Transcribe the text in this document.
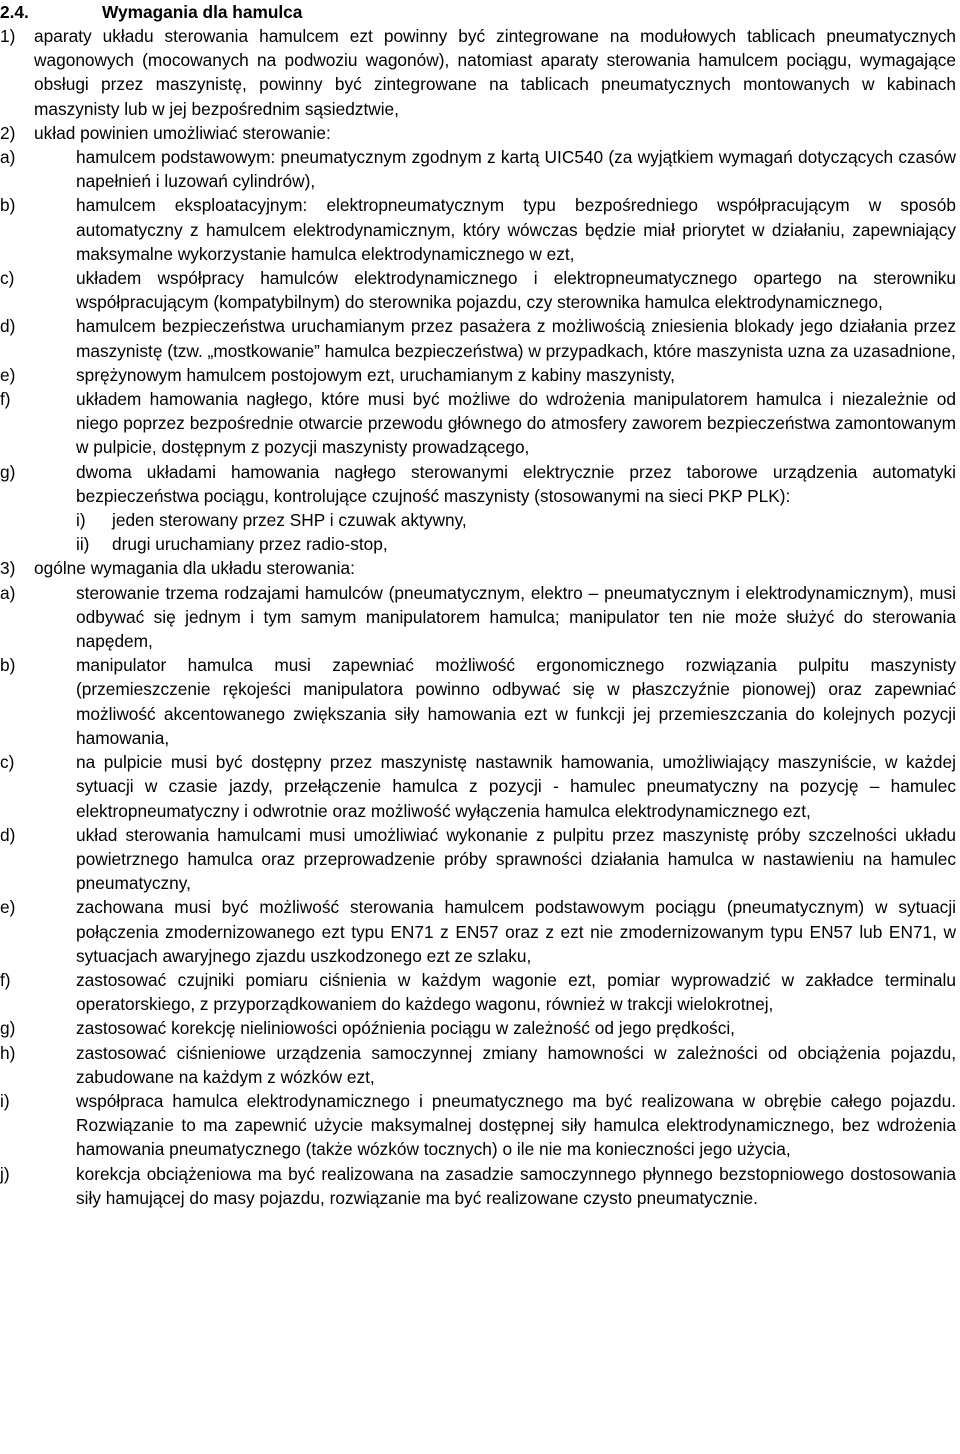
2.4.	Wymagania dla hamulca
1)	aparaty układu sterowania hamulcem ezt powinny być zintegrowane na modułowych tablicach pneumatycznych wagonowych (mocowanych na podwoziu wagonów), natomiast aparaty sterowania hamulcem pociągu, wymagające obsługi przez maszynistę, powinny być zintegrowane na tablicach pneumatycznych montowanych w kabinach maszynisty lub w jej bezpośrednim sąsiedztwie,
2)	układ powinien umożliwiać sterowanie:
a)	hamulcem podstawowym: pneumatycznym zgodnym z kartą UIC540 (za wyjątkiem wymagań dotyczących czasów napełnień i luzowań cylindrów),
b)	hamulcem eksploatacyjnym: elektropneumatycznym typu bezpośredniego współpracującym w sposób automatyczny z hamulcem elektrodynamicznym, który wówczas będzie miał priorytet w działaniu, zapewniający maksymalne wykorzystanie hamulca elektrodynamicznego w ezt,
c)	układem współpracy hamulców elektrodynamicznego i elektropneumatycznego opartego na sterowniku współpracującym (kompatybilnym) do sterownika pojazdu, czy sterownika hamulca elektrodynamicznego,
d)	hamulcem bezpieczeństwa uruchamianym przez pasażera z możliwością zniesienia blokady jego działania przez maszynistę (tzw. „mostkowanie” hamulca bezpieczeństwa) w przypadkach, które maszynista uzna za uzasadnione,
e)	sprężynowym hamulcem postojowym ezt, uruchamianym z kabiny maszynisty,
f)	układem hamowania nagłego, które musi być możliwe do wdrożenia manipulatorem hamulca i niezależnie od niego poprzez bezpośrednie otwarcie przewodu głównego do atmosfery zaworem bezpieczeństwa zamontowanym w pulpicie, dostępnym z pozycji maszynisty prowadzącego,
g)	dwoma układami hamowania nagłego sterowanymi elektrycznie przez taborowe urządzenia automatyki bezpieczeństwa pociągu, kontrolujące czujność maszynisty (stosowanymi na sieci PKP PLK):
i)	jeden sterowany przez SHP i czuwak aktywny,
ii)	drugi uruchamiany przez radio-stop,
3)	ogólne wymagania dla układu sterowania:
a)	sterowanie trzema rodzajami hamulców (pneumatycznym, elektro – pneumatycznym i elektrodynamicznym), musi odbywać się jednym i tym samym manipulatorem hamulca; manipulator ten nie może służyć do sterowania napędem,
b)	manipulator hamulca musi zapewniać możliwość ergonomicznego rozwiązania pulpitu maszynisty (przemieszczenie rękojeści manipulatora powinno odbywać się w płaszczyźnie pionowej) oraz zapewniać możliwość akcentowanego zwiększania siły hamowania ezt w funkcji jej przemieszczania do kolejnych pozycji hamowania,
c)	na pulpicie musi być dostępny przez maszynistę nastawnik hamowania, umożliwiający maszyniście, w każdej sytuacji w czasie jazdy, przełączenie hamulca z pozycji - hamulec pneumatyczny na pozycję – hamulec elektropneumatyczny i odwrotnie oraz możliwość wyłączenia hamulca elektrodynamicznego ezt,
d)	układ sterowania hamulcami musi umożliwiać wykonanie z pulpitu przez maszynistę próby szczelności układu powietrznego hamulca oraz przeprowadzenie próby sprawności działania hamulca w nastawieniu na hamulec pneumatyczny,
e)	zachowana musi być możliwość sterowania hamulcem podstawowym pociągu (pneumatycznym) w sytuacji połączenia zmodernizowanego ezt typu EN71 z EN57 oraz z ezt nie zmodernizowanym typu EN57 lub EN71, w sytuacjach awaryjnego zjazdu uszkodzonego ezt ze szlaku,
f)	zastosować czujniki pomiaru ciśnienia w każdym wagonie ezt, pomiar wyprowadzić w zakładce terminalu operatorskiego, z przyporządkowaniem do każdego wagonu, również w trakcji wielokrotnej,
g)	zastosować korekcję nieliniowości opóźnienia pociągu w zależność od jego prędkości,
h)	zastosować ciśnieniowe urządzenia samoczynnej zmiany hamowności w zależności od obciążenia pojazdu, zabudowane na każdym z wózków ezt,
i)	współpraca hamulca elektrodynamicznego i pneumatycznego ma być realizowana w obrębie całego pojazdu. Rozwiązanie to ma zapewnić użycie maksymalnej dostępnej siły hamulca elektrodynamicznego, bez wdrożenia hamowania pneumatycznego (także wózków tocznych) o ile nie ma konieczności jego użycia,
j)	korekcja obciążeniowa ma być realizowana na zasadzie samoczynnego płynnego bezstopniowego dostosowania siły hamującej do masy pojazdu, rozwiązanie ma być realizowane czysto pneumatycznie.
